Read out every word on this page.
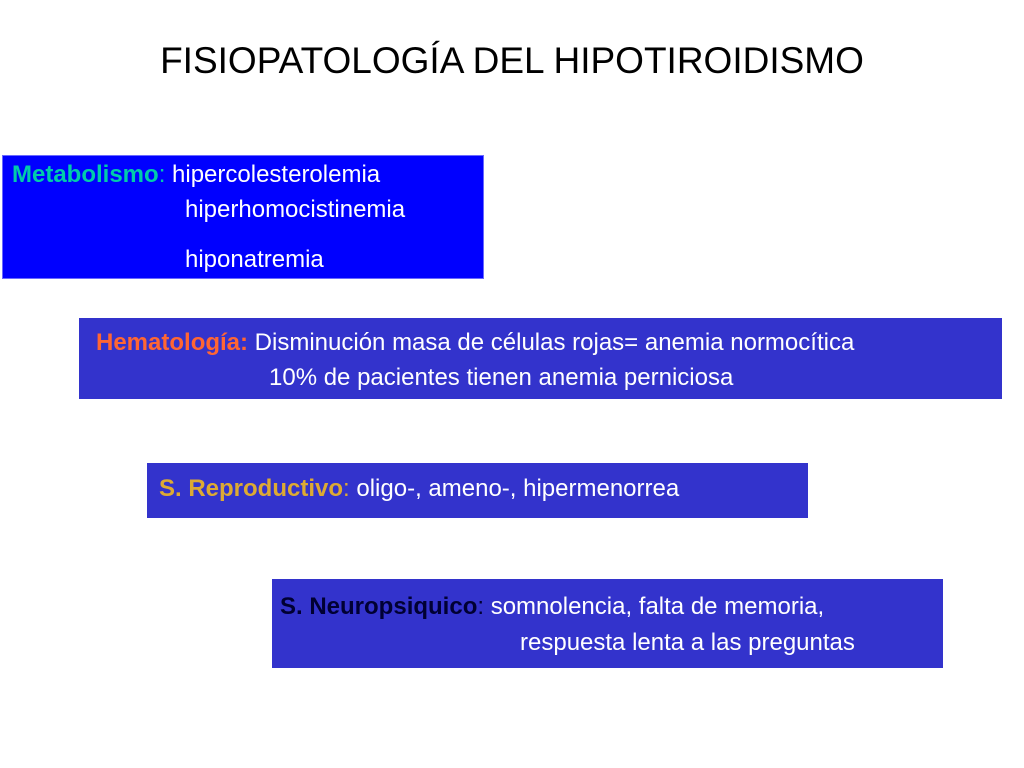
FISIOPATOLOGÍA DEL HIPOTIROIDISMO
Metabolismo: hipercolesterolemia
hiperhomocistinemia
hiponatremia
Hematología: Disminución masa de células rojas= anemia normocítica
10% de pacientes tienen anemia perniciosa
S. Reproductivo: oligo-, ameno-, hipermenorrea
S. Neuropsiquico: somnolencia, falta de memoria,
respuesta lenta a las preguntas
